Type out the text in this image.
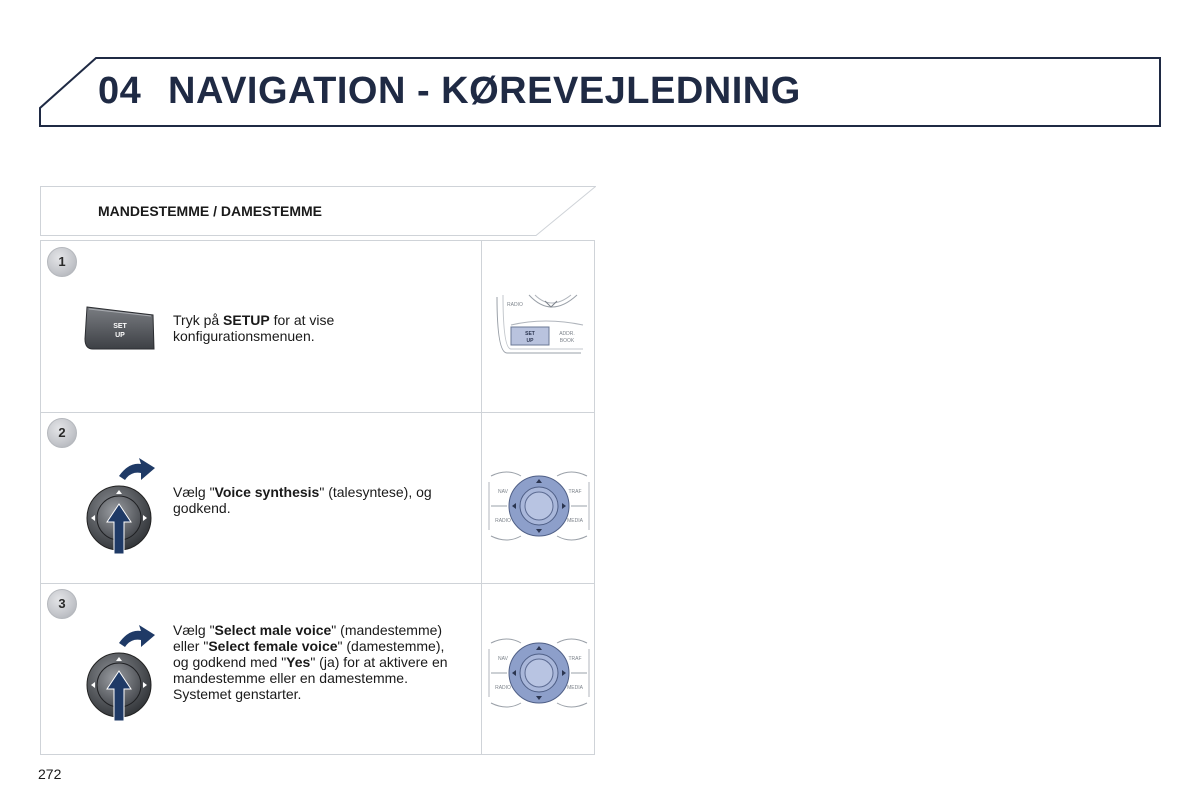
04 NAVIGATION - KØREVEJLEDNING
MANDESTEMME / DAMESTEMME
1
SET
UP
Tryk på SETUP for at vise konfigurationsmenuen.
RADIO
SET
UP
ADDR.
BOOK
2
Vælg "Voice synthesis" (talesyntese), og godkend.
NAV	TRAF
RADIO	MEDIA
3
Vælg "Select male voice" (mandestemme) eller "Select female voice" (damestemme), og godkend med "Yes" (ja) for at aktivere en mandestemme eller en damestemme. Systemet genstarter.
NAV	TRAF
RADIO	MEDIA
272
